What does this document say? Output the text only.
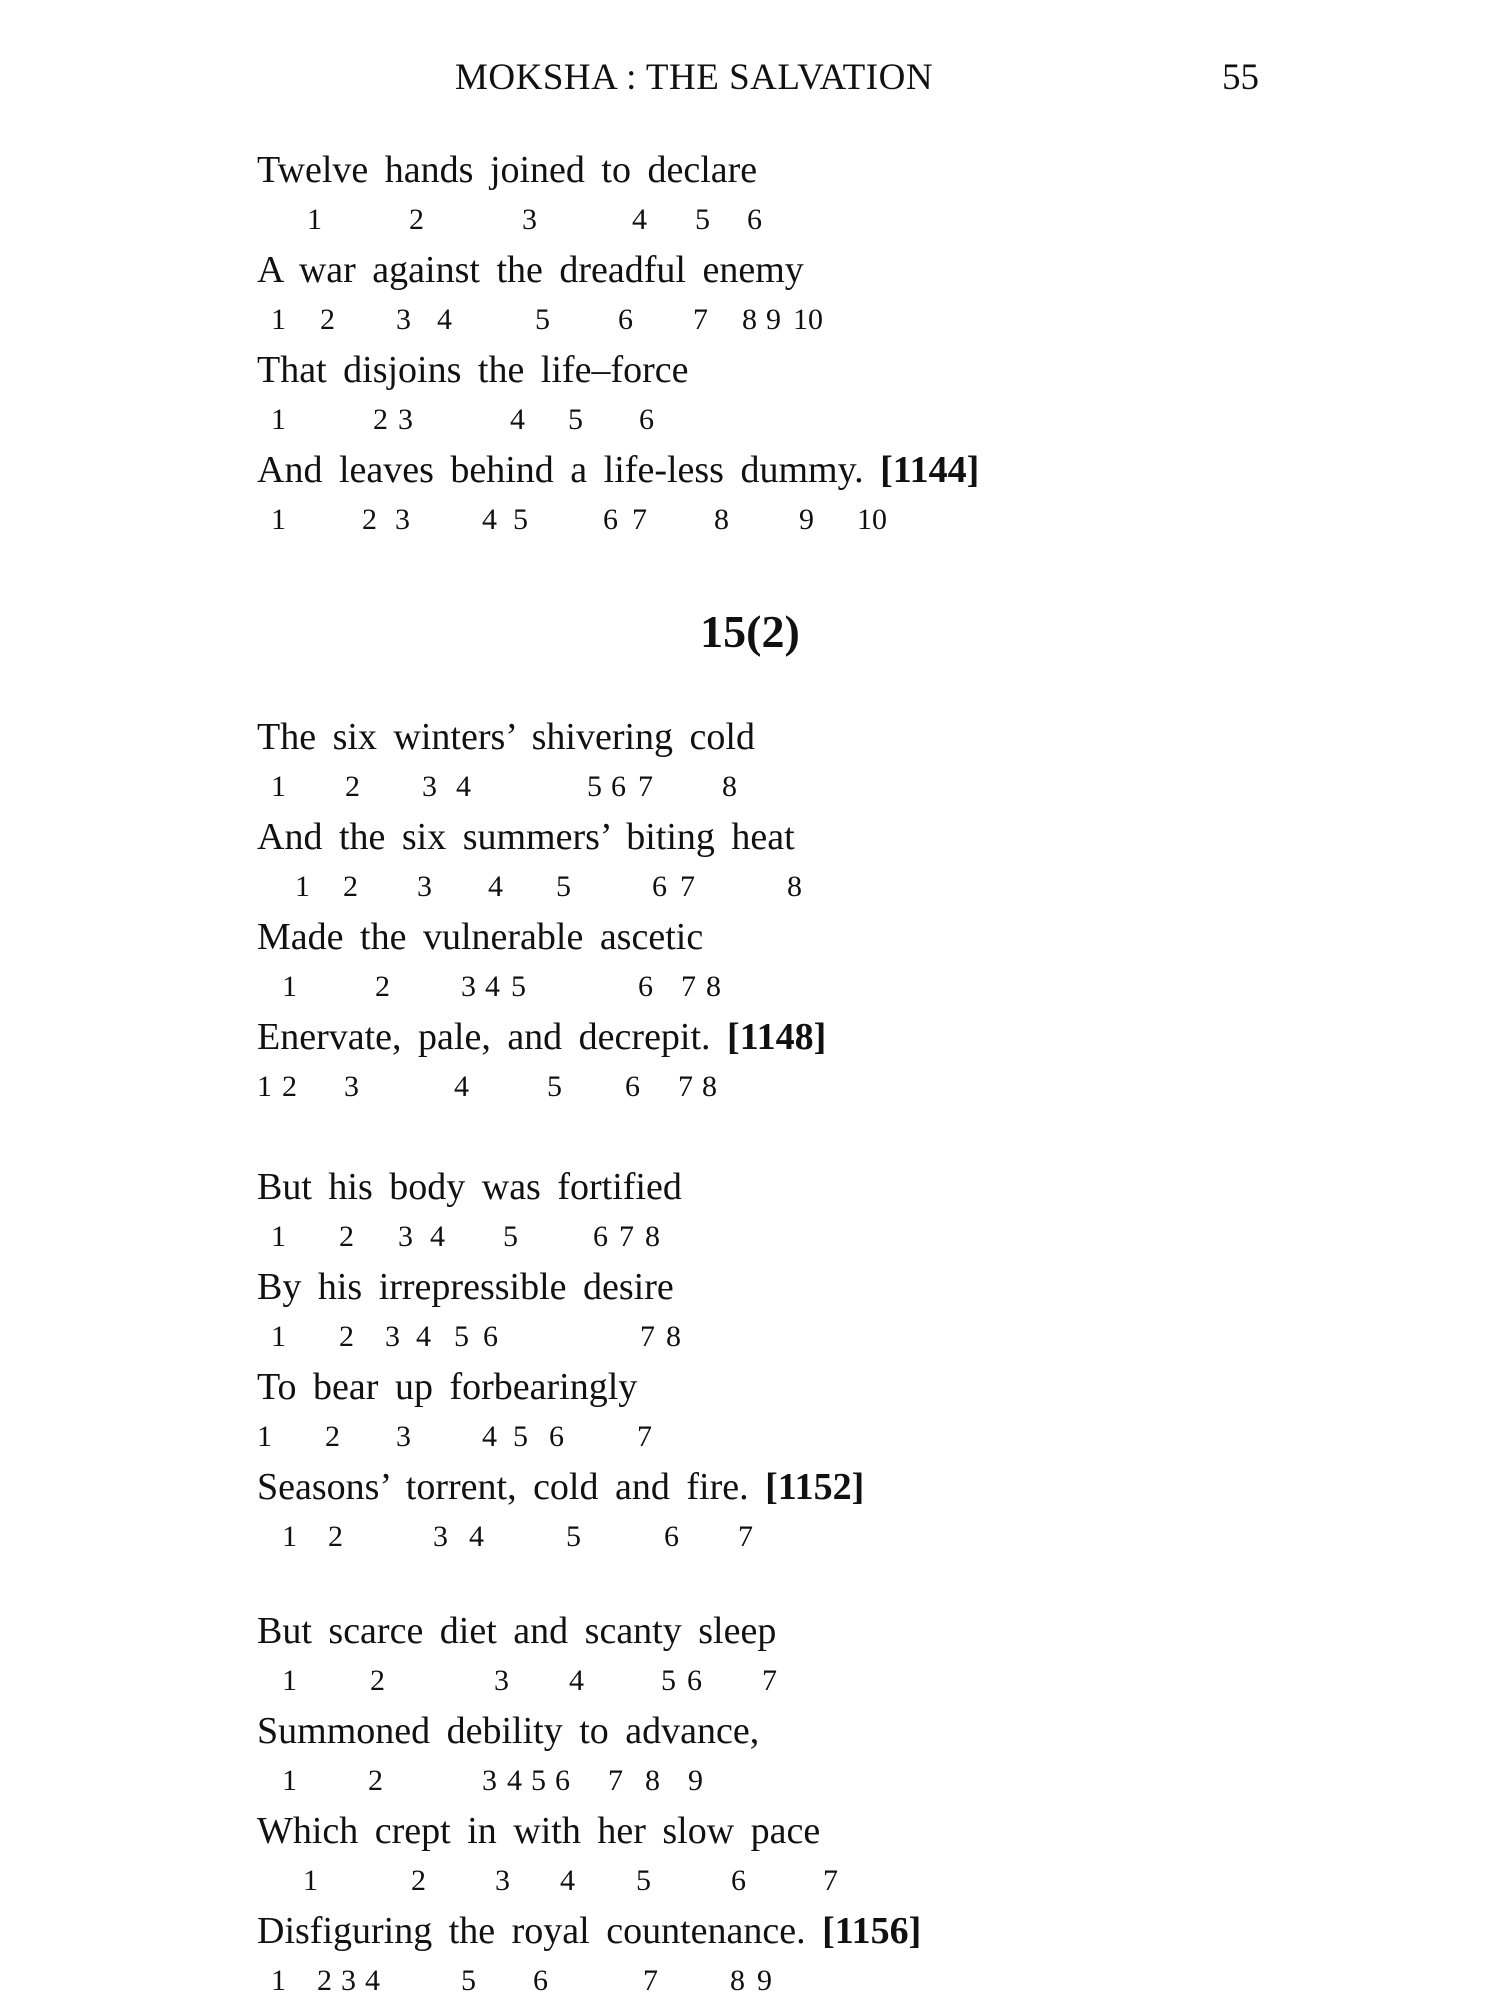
MOKSHA : THE SALVATION	55
Twelve hands joined to declare
1	2	3	4 5 6
A war against the dreadful enemy
1 2 3 4	5 6 7 8 9 10
That disjoins the life–force
1	2 3	4 5 6
And leaves behind a life-less dummy. [1144]
1	2 3 4 5	6 7 8 9 10
15(2)
The six winters’ shivering cold
1 2 3 4	5 6 7 8
And the six summers’ biting heat
1 2 3 4 5	6 7	8
Made the vulnerable ascetic
1	2 3 4 5	6 7 8
Enervate, pale, and decrepit. [1148]
1 2 3	4	5 6 7 8
But his body was fortified
1 2 3 4 5	6 7 8
By his irrepressible desire
1 2 3 4 5 6	7 8
To bear up forbearingly
1 2 3 4 5 6 7
Seasons’ torrent, cold and fire. [1152]
1 2	3 4	5	6 7
But scarce diet and scanty sleep
1 2	3 4	5 6 7
Summoned debility to advance,
1 2	3 4 5 6 7 8 9
Which crept in with her slow pace
1	2 3 4 5	6	7
Disfiguring the royal countenance. [1156]
1 2 3 4	5 6	7 8 9
